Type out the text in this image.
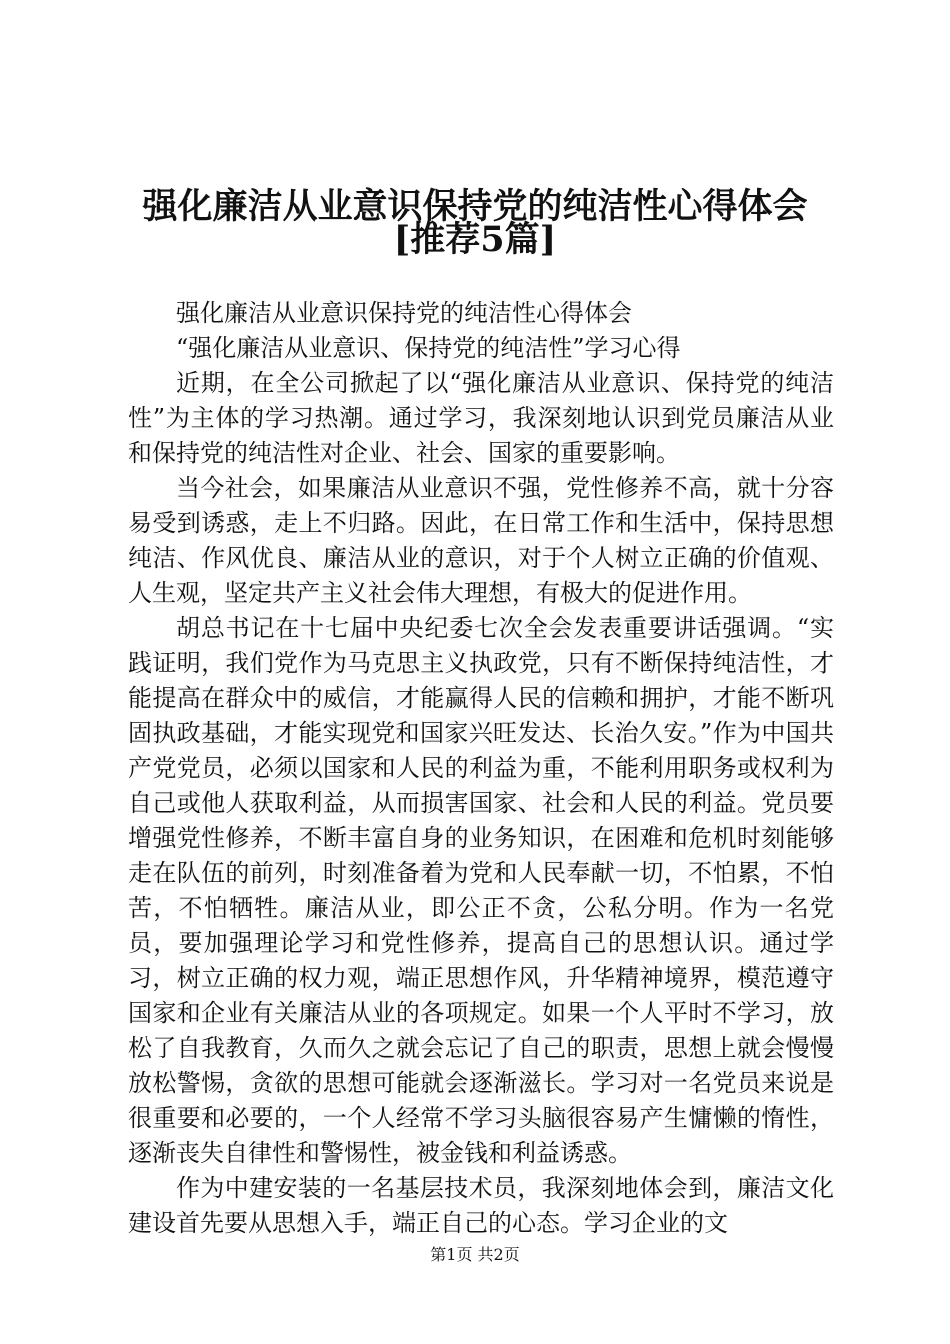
强化廉洁从业意识保持党的纯洁性心得体会
[推荐5篇]

强化廉洁从业意识保持党的纯洁性心得体会

“强化廉洁从业意识、保持党的纯洁性”学习心得

近期，在全公司掀起了以“强化廉洁从业意识、保持党的纯洁性”为主体的学习热潮。通过学习，我深刻地认识到党员廉洁从业和保持党的纯洁性对企业、社会、国家的重要影响。

当今社会，如果廉洁从业意识不强，党性修养不高，就十分容易受到诱惑，走上不归路。因此，在日常工作和生活中，保持思想纯洁、作风优良、廉洁从业的意识，对于个人树立正确的价值观、人生观，坚定共产主义社会伟大理想，有极大的促进作用。

胡总书记在十七届中央纪委七次全会发表重要讲话强调。“实践证明，我们党作为马克思主义执政党，只有不断保持纯洁性，才能提高在群众中的威信，才能赢得人民的信赖和拥护，才能不断巩固执政基础，才能实现党和国家兴旺发达、长治久安。”作为中国共产党党员，必须以国家和人民的利益为重，不能利用职务或权利为自己或他人获取利益，从而损害国家、社会和人民的利益。党员要增强党性修养，不断丰富自身的业务知识，在困难和危机时刻能够走在队伍的前列，时刻准备着为党和人民奉献一切，不怕累，不怕苦，不怕牺牲。廉洁从业，即公正不贪，公私分明。作为一名党员，要加强理论学习和党性修养，提高自己的思想认识。通过学习，树立正确的权力观，端正思想作风，升华精神境界，模范遵守国家和企业有关廉洁从业的各项规定。如果一个人平时不学习，放松了自我教育，久而久之就会忘记了自己的职责，思想上就会慢慢放松警惕，贪欲的思想可能就会逐渐滋长。学习对一名党员来说是很重要和必要的，一个人经常不学习头脑很容易产生慵懒的惰性，逐渐丧失自律性和警惕性，被金钱和利益诱惑。

作为中建安装的一名基层技术员，我深刻地体会到，廉洁文化建设首先要从思想入手，端正自己的心态。学习企业的文

第1页 共2页
